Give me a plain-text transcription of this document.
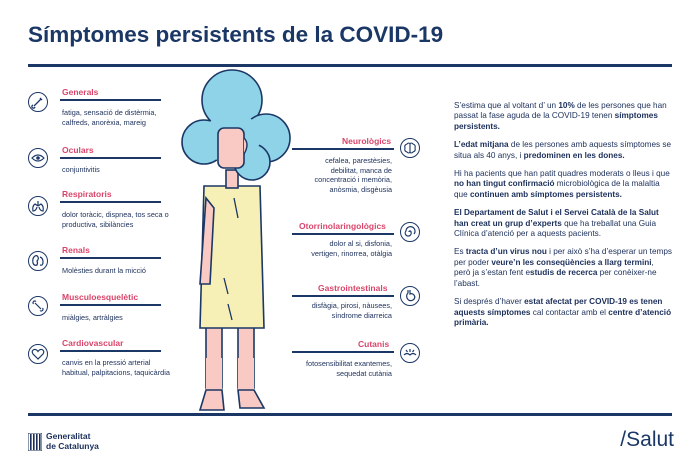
Símptomes persistents de la COVID-19
Generals
fatiga, sensació de distèrmia, calfreds, anorèxia, mareig
Oculars
conjuntivitis
Respiratoris
dolor toràcic, dispnea, tos seca o productiva, sibilàncies
Renals
Molèsties durant la micció
Musculoesquelètic
miàlgies, artràlgies
Cardiovascular
canvis en la pressió arterial habitual, palpitacions, taquicàrdia
Neurològics
cefalea, parestèsies, debilitat, manca de concentració i memòria, anòsmia, disgèusia
Otorrinolaringològics
dolor al si, disfonia, vertigen, rinorrea, otàlgia
Gastrointestinals
disfàgia, pirosi, nàusees, síndrome diarreica
Cutanis
fotosensibilitat exantemes, sequedat cutània

S’estima que al voltant d’ un 10% de les persones que han passat la fase aguda de la COVID-19 tenen símptomes persistents.

L’edat mitjana de les persones amb aquests símptomes se situa als 40 anys, i predominen en les dones.

Hi ha pacients que han patit quadres moderats o lleus i que no han tingut confirmació microbiològica de la malaltia que continuen amb símptomes persistents.

El Departament de Salut i el Servei Català de la Salut han creat un grup d’experts que ha treballat una Guia Clínica d’atenció per a aquests pacients.

Es tracta d’un virus nou i per això s’ha d’esperar un temps per poder veure’n les conseqüències a llarg termini, però ja s’estan fent estudis de recerca per conèixer-ne l’abast.

Si després d’haver estat afectat per COVID-19 es tenen aquests símptomes cal contactar amb el centre d’atenció primària.

Generalitat
de Catalunya	/Salut
